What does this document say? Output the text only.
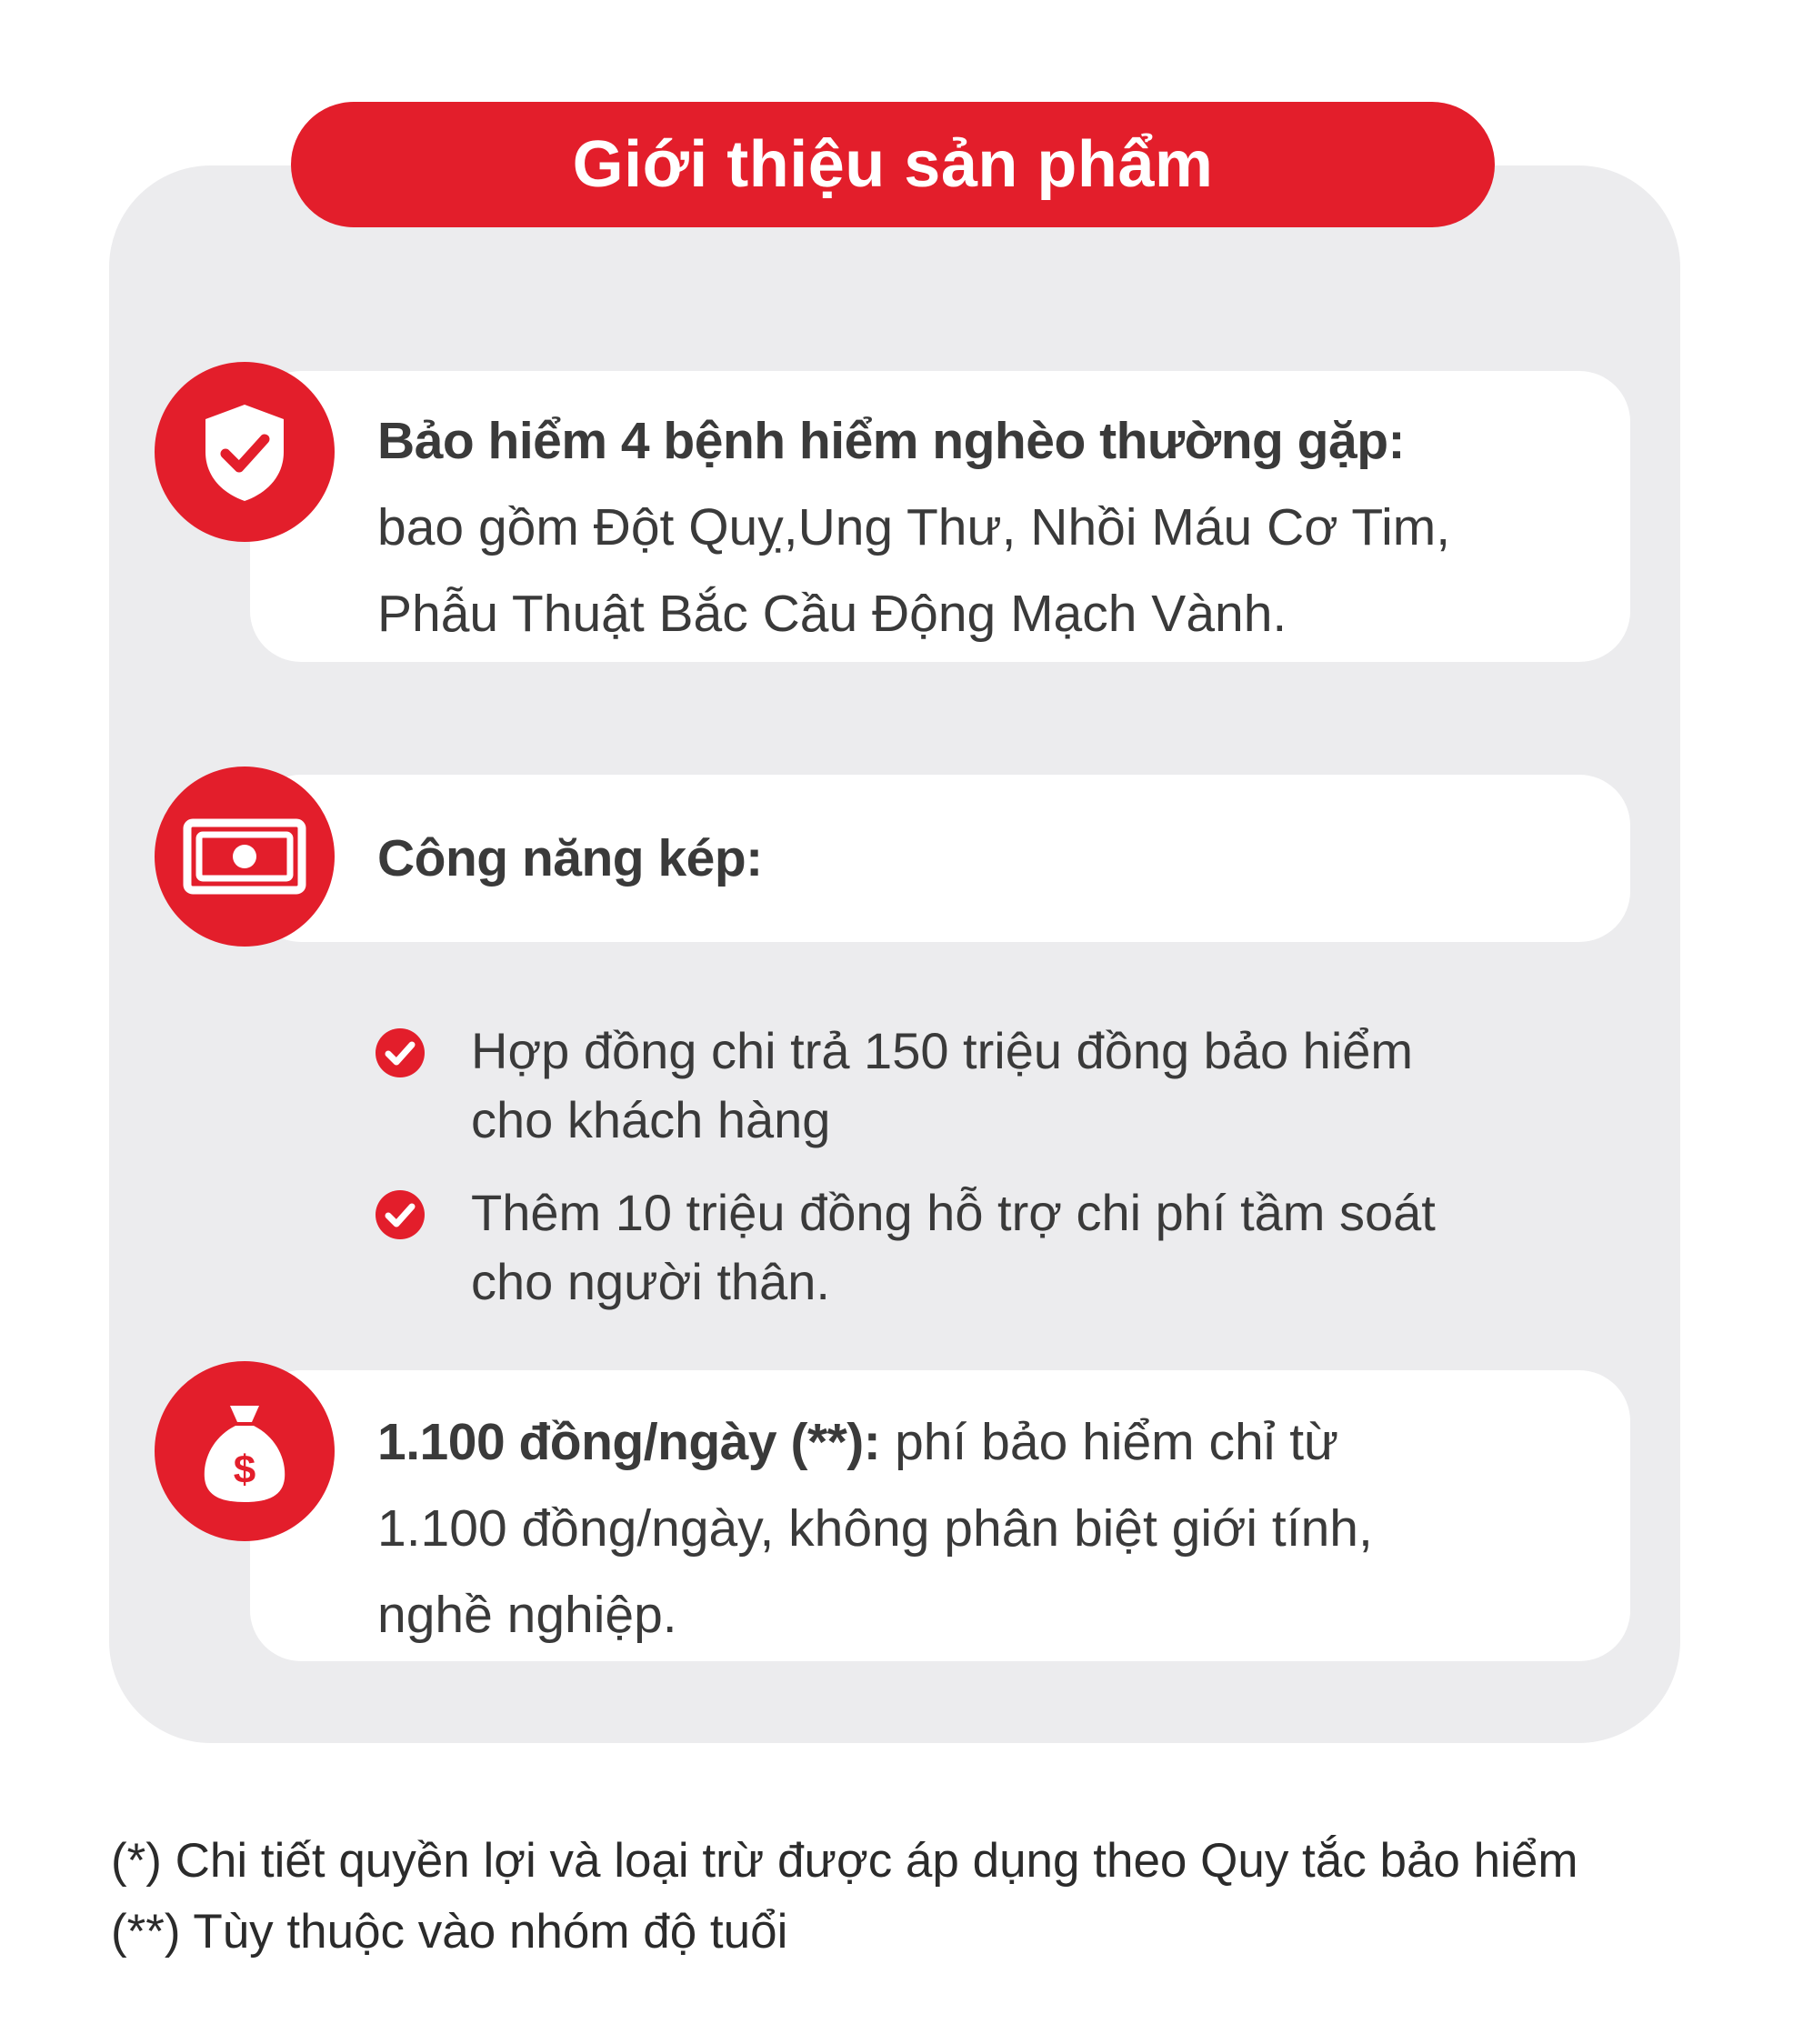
Giới thiệu sản phẩm

Bảo hiểm 4 bệnh hiểm nghèo thường gặp:

bao gồm Đột Quỵ,Ung Thư, Nhồi Máu Cơ Tim,

Phẫu Thuật Bắc Cầu Động Mạch Vành.

Công năng kép:

Hợp đồng chi trả 150 triệu đồng bảo hiểm
cho khách hàng
Thêm 10 triệu đồng hỗ trợ chi phí tầm soát
cho người thân.

1.100 đồng/ngày (**): phí bảo hiểm chỉ từ

1.100 đồng/ngày, không phân biệt giới tính,

nghề nghiệp.

$
(*) Chi tiết quyền lợi và loại trừ được áp dụng theo Quy tắc bảo hiểm
(**) Tùy thuộc vào nhóm độ tuổi
